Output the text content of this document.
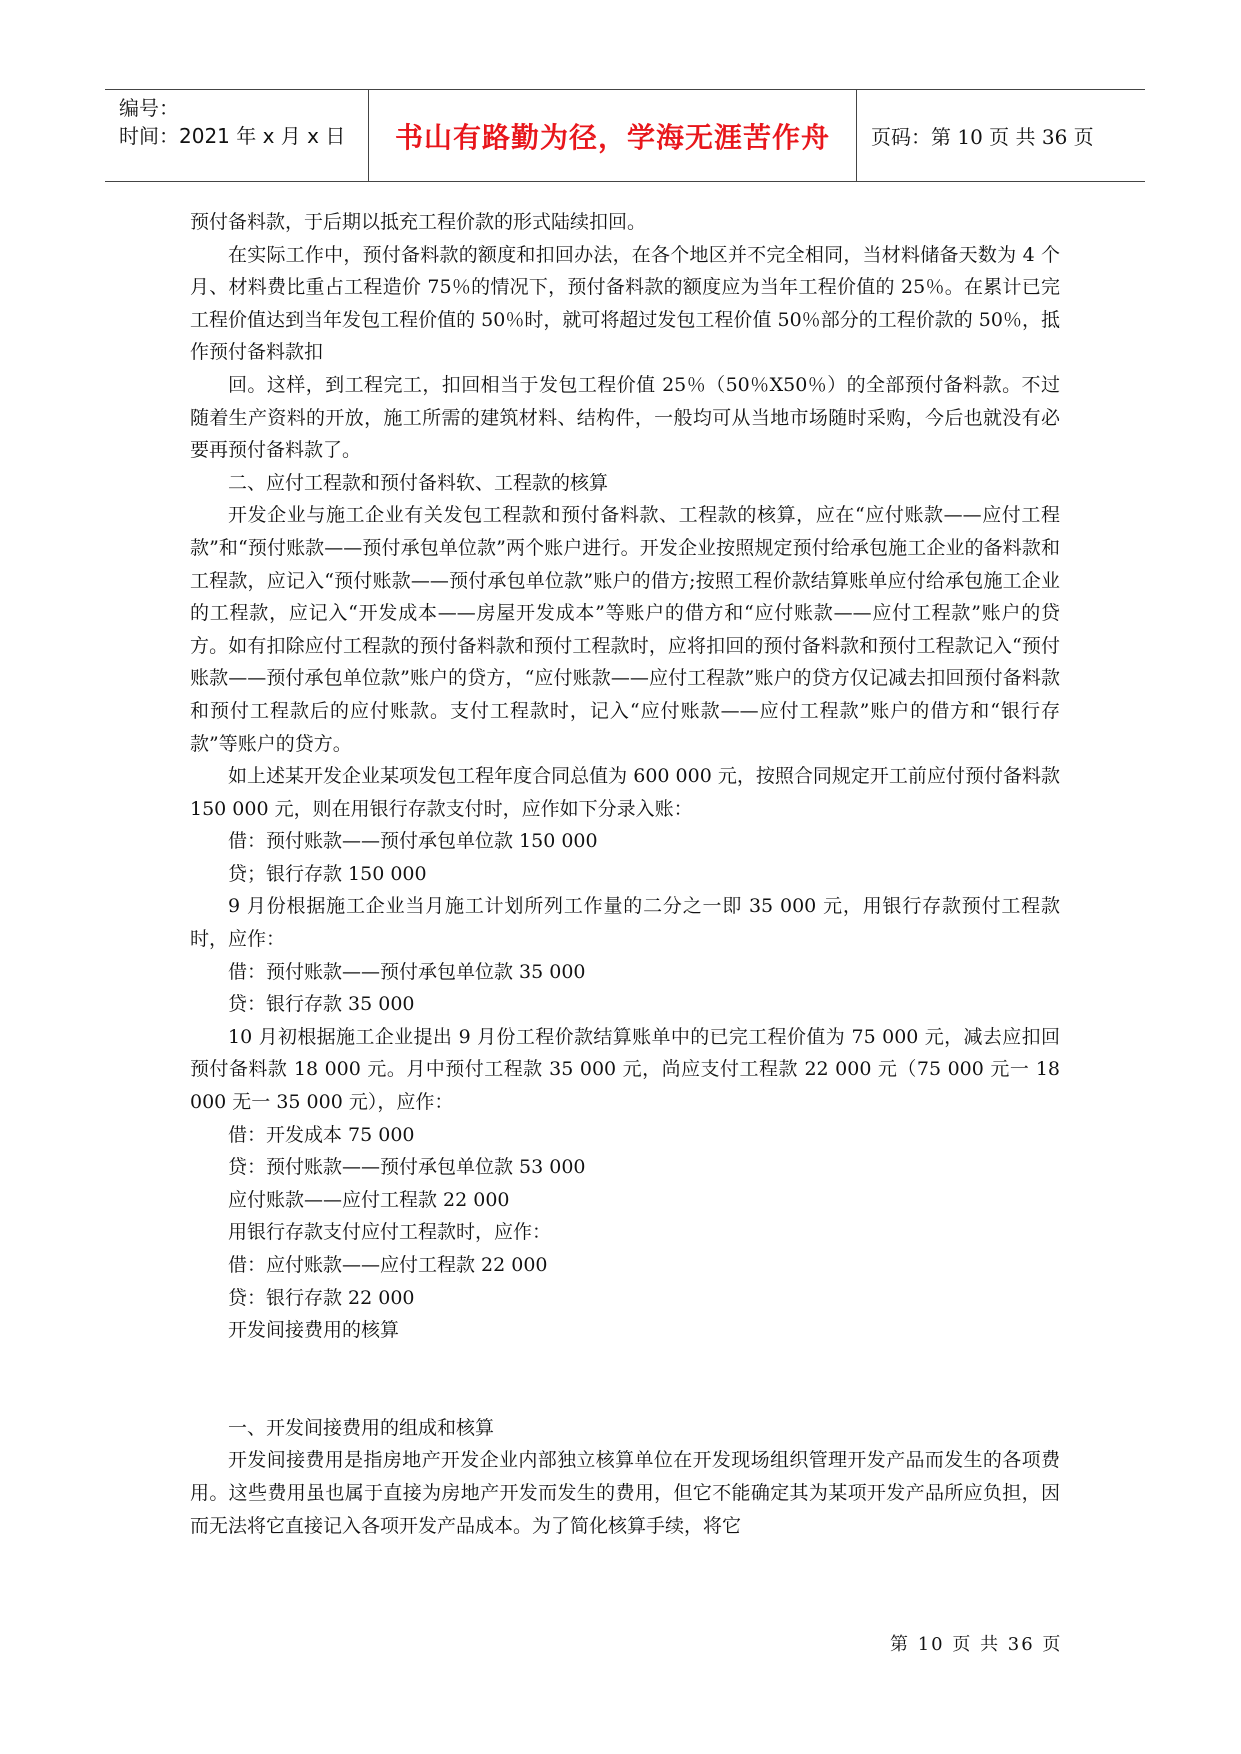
编号：
时间：2021 年 x 月 x 日	书山有路勤为径，学海无涯苦作舟 页码：第 10 页 共 36 页

预付备料款，于后期以抵充工程价款的形式陆续扣回。

在实际工作中，预付备料款的额度和扣回办法，在各个地区并不完全相同，当材料储备天数为 4 个月、材料费比重占工程造价 75％的情况下，预付备料款的额度应为当年工程价值的 25％。在累计已完工程价值达到当年发包工程价值的 50％时，就可将超过发包工程价值 50％部分的工程价款的 50％，抵作预付备料款扣

回。这样，到工程完工，扣回相当于发包工程价值 25％（50％X50％）的全部预付备料款。不过随着生产资料的开放，施工所需的建筑材料、结构件，一般均可从当地市场随时采购，今后也就没有必要再预付备料款了。

二、应付工程款和预付备料软、工程款的核算

开发企业与施工企业有关发包工程款和预付备料款、工程款的核算，应在“应付账款——应付工程款”和“预付账款——预付承包单位款”两个账户进行。开发企业按照规定预付给承包施工企业的备料款和工程款，应记入“预付账款——预付承包单位款”账户的借方;按照工程价款结算账单应付给承包施工企业的工程款，应记入“开发成本——房屋开发成本”等账户的借方和“应付账款——应付工程款”账户的贷方。如有扣除应付工程款的预付备料款和预付工程款时，应将扣回的预付备料款和预付工程款记入“预付账款——预付承包单位款”账户的贷方，“应付账款——应付工程款”账户的贷方仅记减去扣回预付备料款和预付工程款后的应付账款。支付工程款时，记入“应付账款——应付工程款”账户的借方和“银行存款”等账户的贷方。

如上述某开发企业某项发包工程年度合同总值为 600 000 元，按照合同规定开工前应付预付备料款 150 000 元，则在用银行存款支付时，应作如下分录入账：

借：预付账款——预付承包单位款 150 000

贷；银行存款 150 000

9 月份根据施工企业当月施工计划所列工作量的二分之一即 35 000 元，用银行存款预付工程款时，应作：

借：预付账款——预付承包单位款 35 000

贷：银行存款 35 000

10 月初根据施工企业提出 9 月份工程价款结算账单中的已完工程价值为 75 000 元，减去应扣回预付备料款 18 000 元。月中预付工程款 35 000 元，尚应支付工程款 22 000 元（75 000 元一 18 000 无一 35 000 元），应作：

借：开发成本 75 000

贷：预付账款——预付承包单位款 53 000

应付账款——应付工程款 22 000

用银行存款支付应付工程款时，应作：

借：应付账款——应付工程款 22 000

贷：银行存款 22 000

开发间接费用的核算

一、开发间接费用的组成和核算

开发间接费用是指房地产开发企业内部独立核算单位在开发现场组织管理开发产品而发生的各项费用。这些费用虽也属于直接为房地产开发而发生的费用，但它不能确定其为某项开发产品所应负担，因而无法将它直接记入各项开发产品成本。为了简化核算手续，将它

第 10 页 共 36 页
